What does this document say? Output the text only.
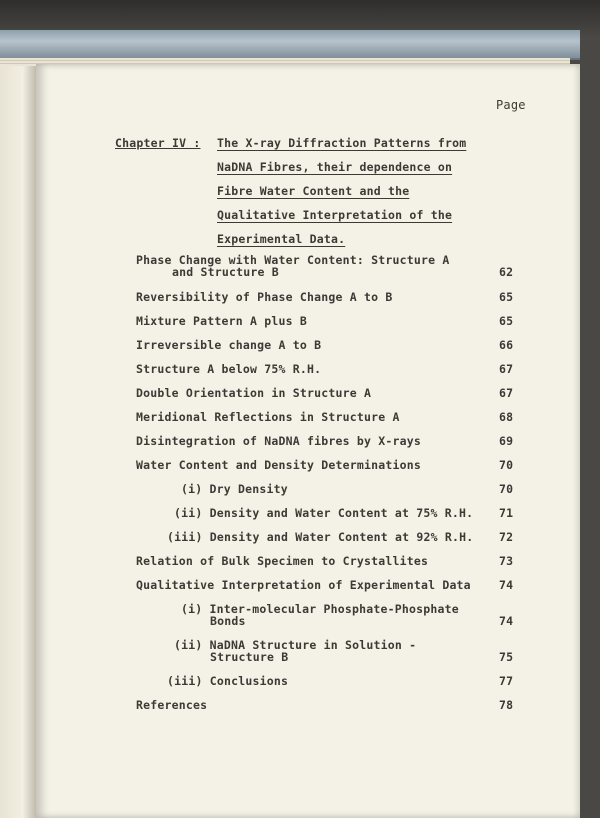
Page
Chapter IV : The X-ray Diffraction Patterns from
NaDNA Fibres, their dependence on
Fibre Water Content and the
Qualitative Interpretation of the
Experimental Data.
Phase Change with Water Content: Structure A
and Structure B	62
Reversibility of Phase Change A to B	65
Mixture Pattern A plus B	65
Irreversible change A to B	66
Structure A below 75% R.H.	67
Double Orientation in Structure A	67
Meridional Reflections in Structure A	68
Disintegration of NaDNA fibres by X-rays	69
Water Content and Density Determinations	70
(i) Dry Density	70
(ii) Density and Water Content at 75% R.H. 71
(iii) Density and Water Content at 92% R.H. 72
Relation of Bulk Specimen to Crystallites	73
Qualitative Interpretation of Experimental Data 74
(i) Inter-molecular Phosphate-Phosphate
Bonds	74
(ii) NaDNA Structure in Solution -
Structure B	75
(iii) Conclusions	77
References	78
